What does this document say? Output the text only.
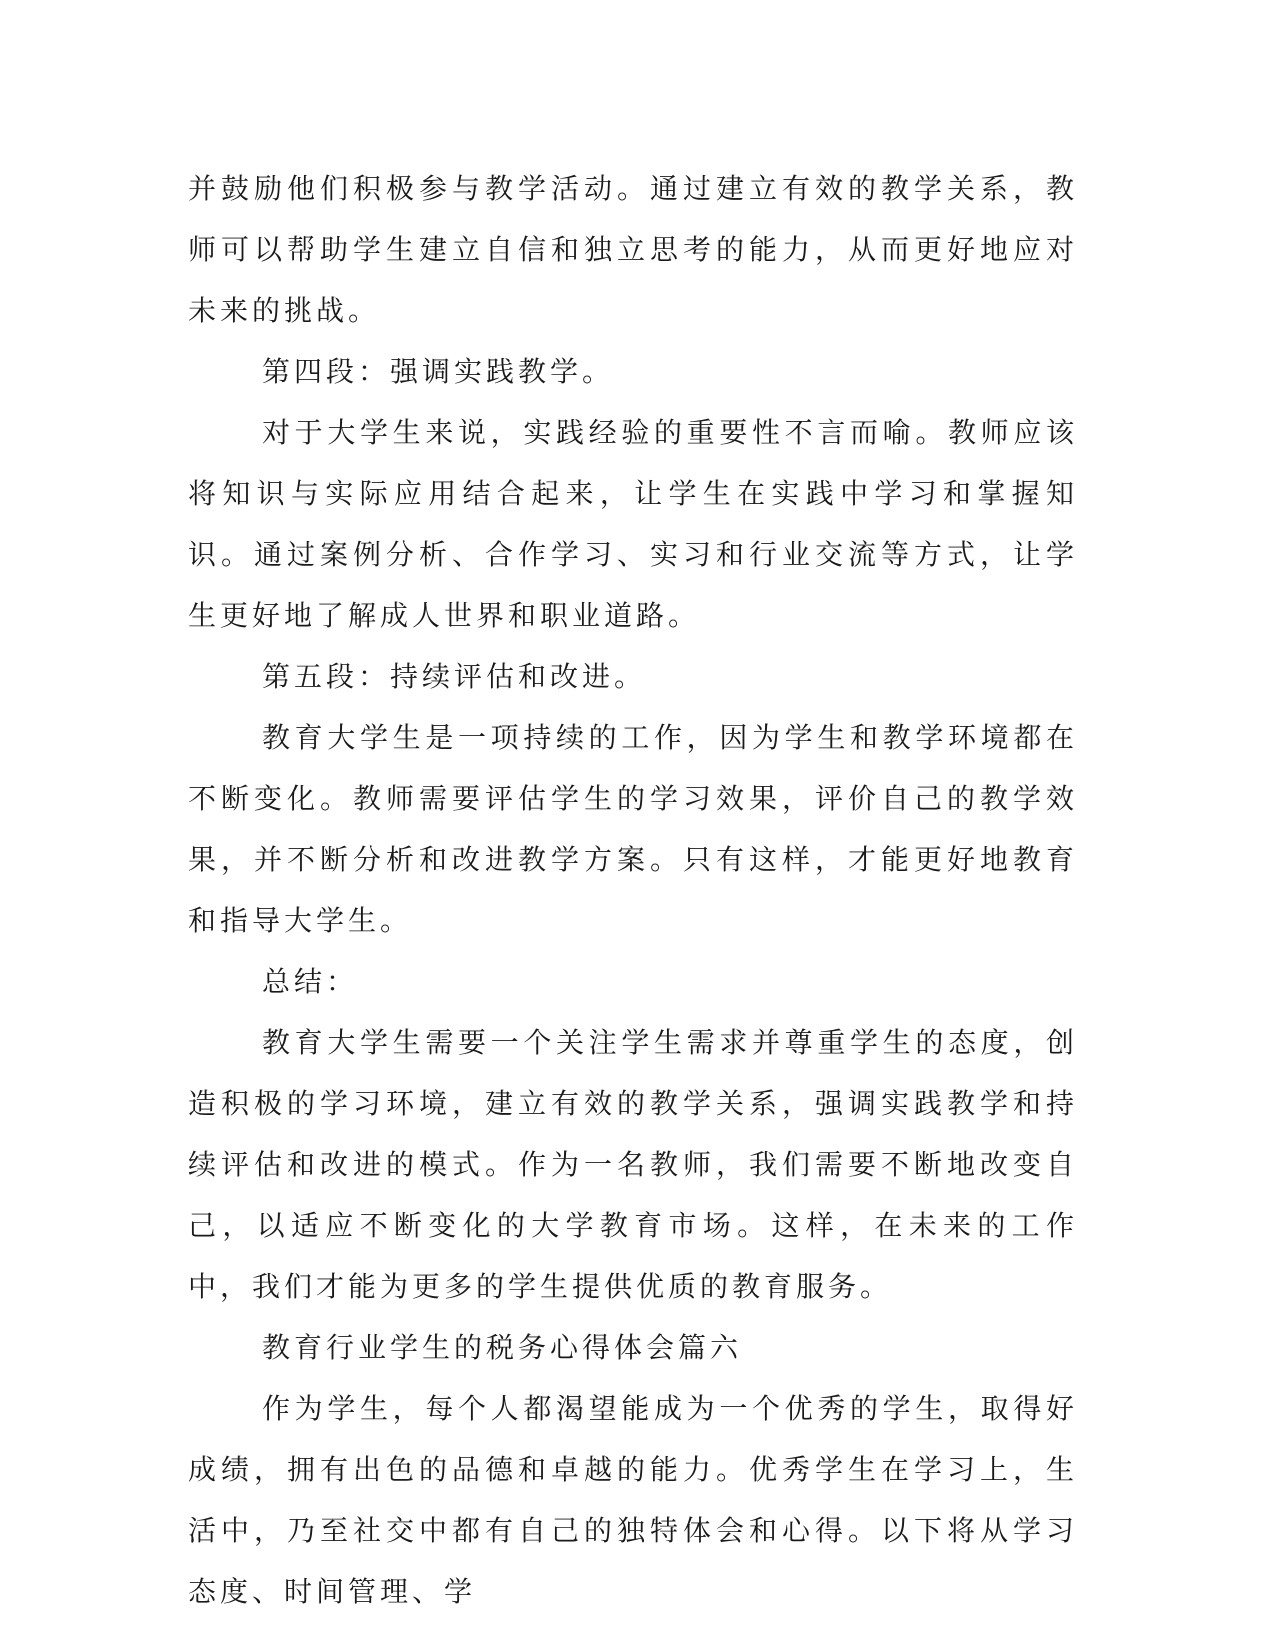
并鼓励他们积极参与教学活动。通过建立有效的教学关系，教师可以帮助学生建立自信和独立思考的能力，从而更好地应对未来的挑战。

第四段：强调实践教学。

对于大学生来说，实践经验的重要性不言而喻。教师应该将知识与实际应用结合起来，让学生在实践中学习和掌握知识。通过案例分析、合作学习、实习和行业交流等方式，让学生更好地了解成人世界和职业道路。

第五段：持续评估和改进。

教育大学生是一项持续的工作，因为学生和教学环境都在不断变化。教师需要评估学生的学习效果，评价自己的教学效果，并不断分析和改进教学方案。只有这样，才能更好地教育和指导大学生。

总结：

教育大学生需要一个关注学生需求并尊重学生的态度，创造积极的学习环境，建立有效的教学关系，强调实践教学和持续评估和改进的模式。作为一名教师，我们需要不断地改变自己，以适应不断变化的大学教育市场。这样，在未来的工作中，我们才能为更多的学生提供优质的教育服务。

教育行业学生的税务心得体会篇六

作为学生，每个人都渴望能成为一个优秀的学生，取得好成绩，拥有出色的品德和卓越的能力。优秀学生在学习上，生活中，乃至社交中都有自己的独特体会和心得。以下将从学习态度、时间管理、学
